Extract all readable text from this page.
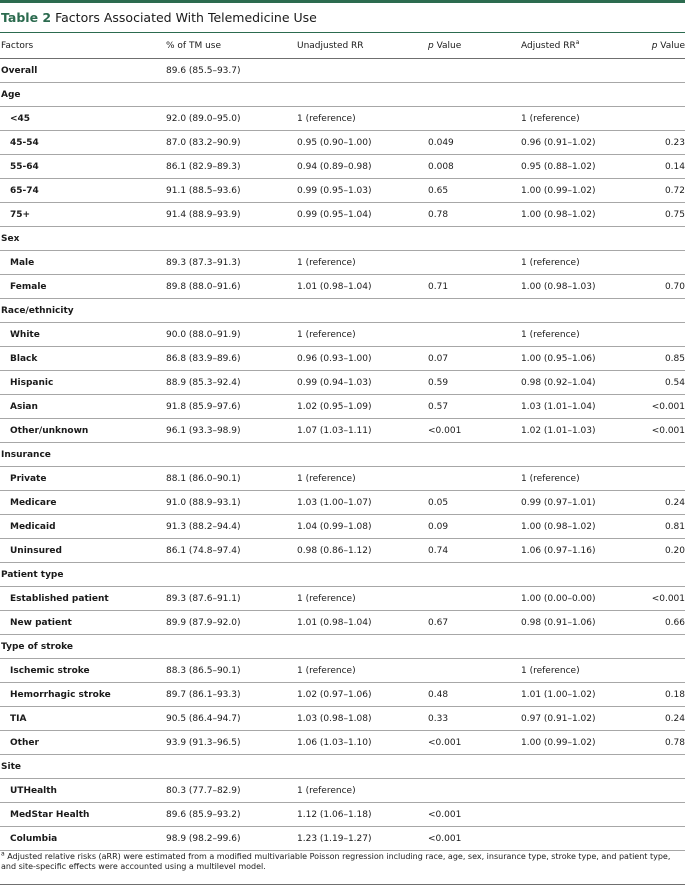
Table 2 Factors Associated With Telemedicine Use
Factors	% of TM use	Unadjusted RR	p Value	Adjusted $RR^a$	p Value
Overall	89.6 (85.5–93.7)				
Age					
<45	92.0 (89.0–95.0)	1 (reference)		1 (reference)	
45-54	87.0 (83.2–90.9)	0.95 (0.90–1.00)	0.049	0.96 (0.91–1.02)	0.23
55-64	86.1 (82.9–89.3)	0.94 (0.89–0.98)	0.008	0.95 (0.88–1.02)	0.14
65-74	91.1 (88.5–93.6)	0.99 (0.95–1.03)	0.65	1.00 (0.99–1.02)	0.72
75+	91.4 (88.9–93.9)	0.99 (0.95–1.04)	0.78	1.00 (0.98–1.02)	0.75
Sex					
Male	89.3 (87.3–91.3)	1 (reference)		1 (reference)	
Female	89.8 (88.0–91.6)	1.01 (0.98–1.04)	0.71	1.00 (0.98–1.03)	0.70
Race/ethnicity					
White	90.0 (88.0–91.9)	1 (reference)		1 (reference)	
Black	86.8 (83.9–89.6)	0.96 (0.93–1.00)	0.07	1.00 (0.95–1.06)	0.85
Hispanic	88.9 (85.3–92.4)	0.99 (0.94–1.03)	0.59	0.98 (0.92–1.04)	0.54
Asian	91.8 (85.9–97.6)	1.02 (0.95–1.09)	0.57	1.03 (1.01–1.04)	<0.001
Other/unknown	96.1 (93.3–98.9)	1.07 (1.03–1.11)	<0.001	1.02 (1.01–1.03)	<0.001
Insurance					
Private	88.1 (86.0–90.1)	1 (reference)		1 (reference)	
Medicare	91.0 (88.9–93.1)	1.03 (1.00–1.07)	0.05	0.99 (0.97–1.01)	0.24
Medicaid	91.3 (88.2–94.4)	1.04 (0.99–1.08)	0.09	1.00 (0.98–1.02)	0.81
Uninsured	86.1 (74.8–97.4)	0.98 (0.86–1.12)	0.74	1.06 (0.97–1.16)	0.20
Patient type					
Established patient	89.3 (87.6–91.1)	1 (reference)		1.00 (0.00–0.00)	<0.001
New patient	89.9 (87.9–92.0)	1.01 (0.98–1.04)	0.67	0.98 (0.91–1.06)	0.66
Type of stroke					
Ischemic stroke	88.3 (86.5–90.1)	1 (reference)		1 (reference)	
Hemorrhagic stroke	89.7 (86.1–93.3)	1.02 (0.97–1.06)	0.48	1.01 (1.00–1.02)	0.18
TIA	90.5 (86.4–94.7)	1.03 (0.98–1.08)	0.33	0.97 (0.91–1.02)	0.24
Other	93.9 (91.3–96.5)	1.06 (1.03–1.10)	<0.001	1.00 (0.99–1.02)	0.78
Site					
UTHealth	80.3 (77.7–82.9)	1 (reference)			
MedStar Health	89.6 (85.9–93.2)	1.12 (1.06–1.18)	<0.001		
Columbia	98.9 (98.2–99.6)	1.23 (1.19–1.27)	<0.001		
$^a$ Adjusted relative risks (aRR) were estimated from a modified multivariable Poisson regression including race, age, sex, insurance type, stroke type, and patient type, and site-specific effects were accounted using a multilevel model.
